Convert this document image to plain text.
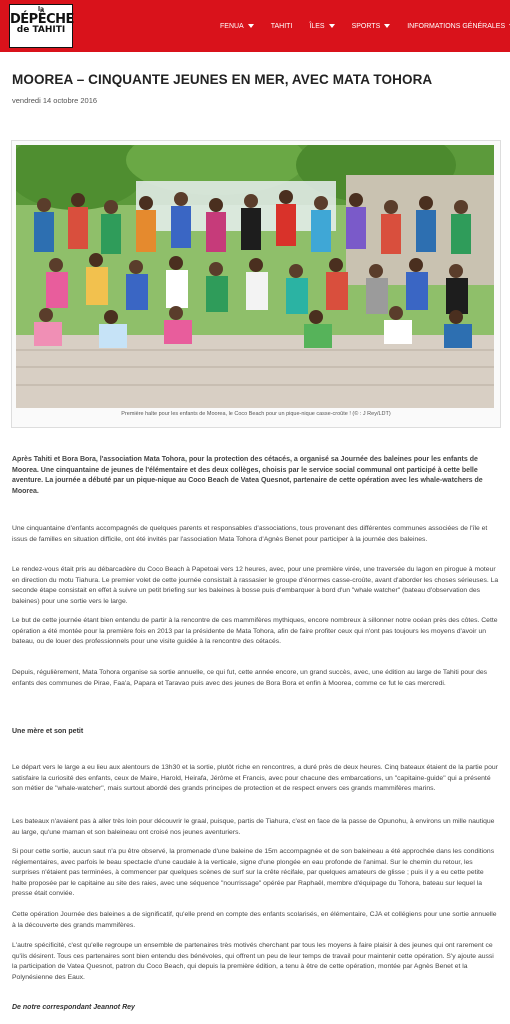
la
DÉPÊCHE
de TAHITI	FENUA	TAHITI ÎLES	SPORTS	INFORMATIONS GÉNÉRALES
MOOREA – CINQUANTE JEUNES EN MER, AVEC MATA TOHORA
vendredi 14 octobre 2016
Première halte pour les enfants de Moorea, le Coco Beach pour un pique-nique casse-croûte ! (© : J Rey/LDT)

Après Tahiti et Bora Bora, l'association Mata Tohora, pour la protection des cétacés, a organisé sa Journée des baleines pour les enfants de Moorea. Une cinquantaine de jeunes de l'élémentaire et des deux collèges, choisis par le service social communal ont participé à cette belle aventure. La journée a débuté par un pique-nique au Coco Beach de Vatea Quesnot, partenaire de cette opération avec les whale-watchers de Moorea.

Une cinquantaine d'enfants accompagnés de quelques parents et responsables d'associations, tous provenant des différentes communes associées de l'île et issus de familles en situation difficile, ont été invités par l'association Mata Tohora d'Agnès Benet pour participer à la journée des baleines.

Le rendez-vous était pris au débarcadère du Coco Beach à Papetoai vers 12 heures, avec, pour une première virée, une traversée du lagon en pirogue à moteur en direction du motu Tiahura. Le premier volet de cette journée consistait à rassasier le groupe d'énormes casse-croûte, avant d'aborder les choses sérieuses. La seconde étape consistait en effet à suivre un petit briefing sur les baleines à bosse puis d'embarquer à bord d'un "whale watcher" (bateau d'observation des baleines) pour une sortie vers le large.

Le but de cette journée étant bien entendu de partir à la rencontre de ces mammifères mythiques, encore nombreux à sillonner notre océan près des côtes. Cette opération a été montée pour la première fois en 2013 par la présidente de Mata Tohora, afin de faire profiter ceux qui n'ont pas toujours les moyens d'avoir un bateau, ou de louer des professionnels pour une visite guidée à la rencontre des cétacés.

Depuis, régulièrement, Mata Tohora organise sa sortie annuelle, ce qui fut, cette année encore, un grand succès, avec, une édition au large de Tahiti pour des enfants des communes de Pirae, Faa'a, Papara et Taravao puis avec des jeunes de Bora Bora et enfin à Moorea, comme ce fut le cas mercredi.

Une mère et son petit

Le départ vers le large a eu lieu aux alentours de 13h30 et la sortie, plutôt riche en rencontres, a duré près de deux heures. Cinq bateaux étaient de la partie pour satisfaire la curiosité des enfants, ceux de Maire, Harold, Heirafa, Jérôme et Francis, avec pour chacune des embarcations, un "capitaine-guide" qui a présenté son métier de "whale-watcher", mais surtout abordé des grands principes de protection et de respect envers ces grands mammifères marins.

Les bateaux n'avaient pas à aller très loin pour découvrir le graal, puisque, partis de Tiahura, c'est en face de la passe de Opunohu, à environs un mille nautique au large, qu'une maman et son baleineau ont croisé nos jeunes aventuriers.

Si pour cette sortie, aucun saut n'a pu être observé, la promenade d'une baleine de 15m accompagnée et de son baleineau a été approchée dans les conditions réglementaires, avec parfois le beau spectacle d'une caudale à la verticale, signe d'une plongée en eau profonde de l'animal. Sur le chemin du retour, les surprises n'étaient pas terminées, à commencer par quelques scènes de surf sur la crête récifale, par quelques amateurs de glisse ; puis il y a eu cette petite halte proposée par le capitaine au site des raies, avec une séquence "nourrissage" opérée par Raphaël, membre d'équipage du Tohora, bateau sur lequel la presse était conviée.

Cette opération Journée des baleines a de significatif, qu'elle prend en compte des enfants scolarisés, en élémentaire, CJA et collégiens pour une sortie annuelle à la découverte des grands mammifères.

L'autre spécificité, c'est qu'elle regroupe un ensemble de partenaires très motivés cherchant par tous les moyens à faire plaisir à des jeunes qui ont rarement ce qu'ils désirent. Tous ces partenaires sont bien entendu des bénévoles, qui offrent un peu de leur temps de travail pour maintenir cette opération. S'y ajoute aussi la participation de Vatea Quesnot, patron du Coco Beach, qui depuis la première édition, a tenu à être de cette opération, montée par Agnès Benet et la Polynésienne des Eaux.

De notre correspondant Jeannot Rey
